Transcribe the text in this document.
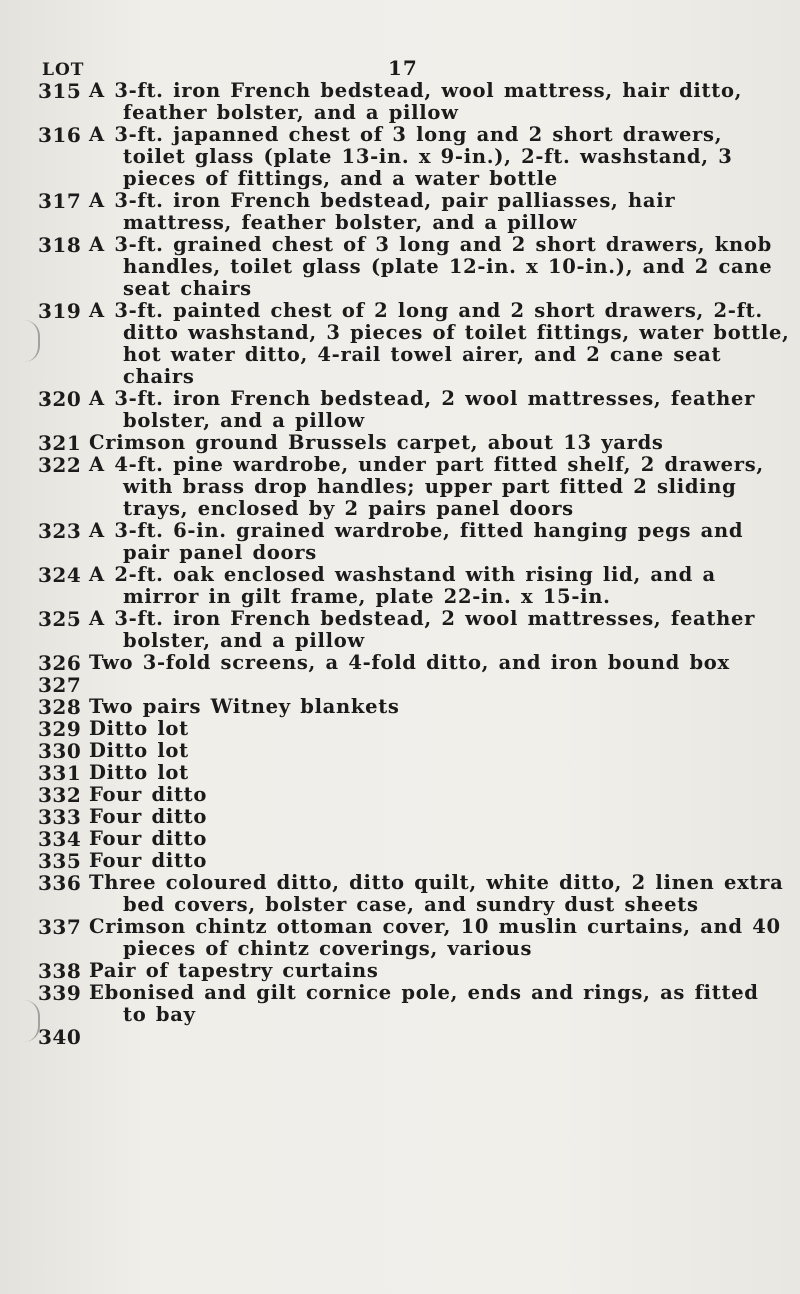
17
LOT
315 A 3-ft. iron French bedstead, wool mattress, hair ditto, feather bolster, and a pillow
316 A 3-ft. japanned chest of 3 long and 2 short drawers, toilet glass (plate 13-in. x 9-in.), 2-ft. washstand, 3 pieces of fittings, and a water bottle
317 A 3-ft. iron French bedstead, pair palliasses, hair mattress, feather bolster, and a pillow
318 A 3-ft. grained chest of 3 long and 2 short drawers, knob handles, toilet glass (plate 12-in. x 10-in.), and 2 cane seat chairs
319 A 3-ft. painted chest of 2 long and 2 short drawers, 2-ft. ditto washstand, 3 pieces of toilet fittings, water bottle, hot water ditto, 4-rail towel airer, and 2 cane seat chairs
320 A 3-ft. iron French bedstead, 2 wool mattresses, feather bolster, and a pillow
321 Crimson ground Brussels carpet, about 13 yards
322 A 4-ft. pine wardrobe, under part fitted shelf, 2 drawers, with brass drop handles; upper part fitted 2 sliding trays, enclosed by 2 pairs panel doors
323 A 3-ft. 6-in. grained wardrobe, fitted hanging pegs and pair panel doors
324 A 2-ft. oak enclosed washstand with rising lid, and a mirror in gilt frame, plate 22-in. x 15-in.
325 A 3-ft. iron French bedstead, 2 wool mattresses, feather bolster, and a pillow
326 Two 3-fold screens, a 4-fold ditto, and iron bound box
327
328 Two pairs Witney blankets
329 Ditto lot
330 Ditto lot
331 Ditto lot
332 Four ditto
333 Four ditto
334 Four ditto
335 Four ditto
336 Three coloured ditto, ditto quilt, white ditto, 2 linen extra bed covers, bolster case, and sundry dust sheets
337 Crimson chintz ottoman cover, 10 muslin curtains, and 40 pieces of chintz coverings, various
338 Pair of tapestry curtains
339 Ebonised and gilt cornice pole, ends and rings, as fitted to bay
340
